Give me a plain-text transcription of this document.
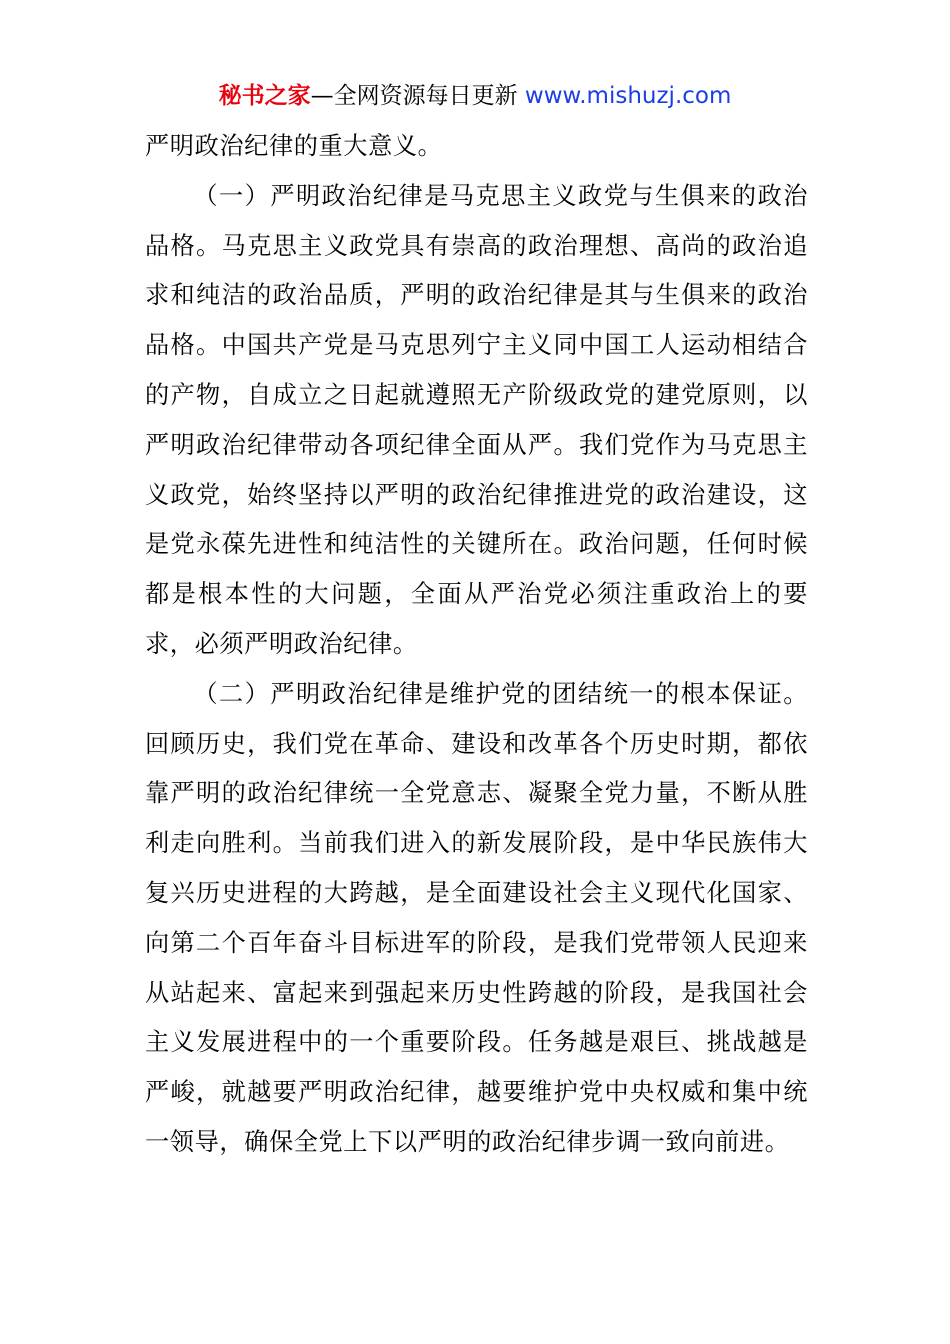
秘书之家—全网资源每日更新 www.mishuzj.com

严明政治纪律的重大意义。

（一）严明政治纪律是马克思主义政党与生俱来的政治品格。马克思主义政党具有崇高的政治理想、高尚的政治追求和纯洁的政治品质，严明的政治纪律是其与生俱来的政治品格。中国共产党是马克思列宁主义同中国工人运动相结合的产物，自成立之日起就遵照无产阶级政党的建党原则，以严明政治纪律带动各项纪律全面从严。我们党作为马克思主义政党，始终坚持以严明的政治纪律推进党的政治建设，这是党永葆先进性和纯洁性的关键所在。政治问题，任何时候都是根本性的大问题，全面从严治党必须注重政治上的要求，必须严明政治纪律。

（二）严明政治纪律是维护党的团结统一的根本保证。回顾历史，我们党在革命、建设和改革各个历史时期，都依靠严明的政治纪律统一全党意志、凝聚全党力量，不断从胜利走向胜利。当前我们进入的新发展阶段，是中华民族伟大复兴历史进程的大跨越，是全面建设社会主义现代化国家、向第二个百年奋斗目标进军的阶段，是我们党带领人民迎来从站起来、富起来到强起来历史性跨越的阶段，是我国社会主义发展进程中的一个重要阶段。任务越是艰巨、挑战越是严峻，就越要严明政治纪律，越要维护党中央权威和集中统一领导，确保全党上下以严明的政治纪律步调一致向前进。
